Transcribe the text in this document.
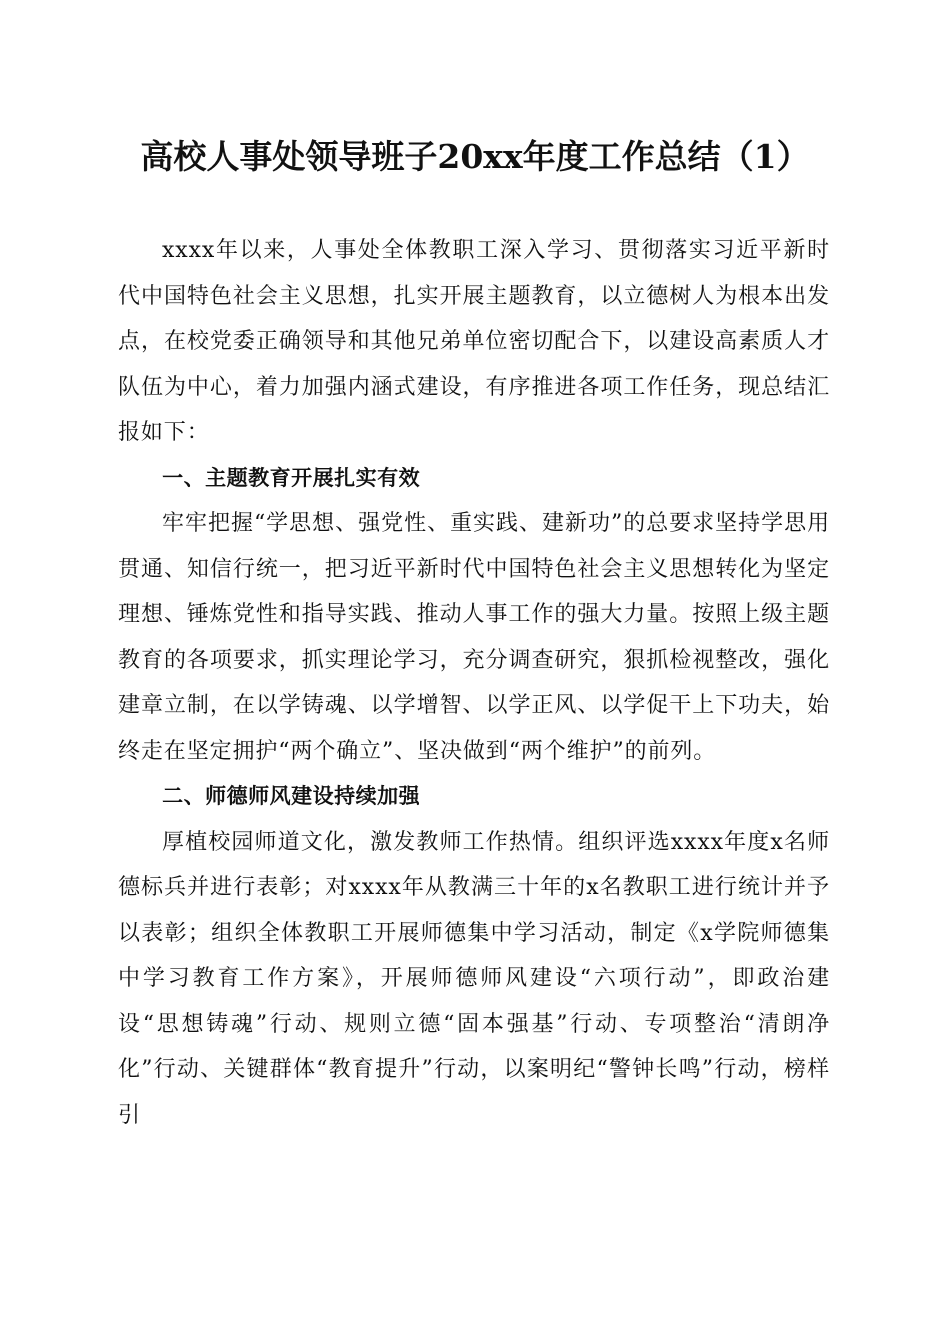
高校人事处领导班子20xx年度工作总结（1）

xxxx年以来，人事处全体教职工深入学习、贯彻落实习近平新时代中国特色社会主义思想，扎实开展主题教育，以立德树人为根本出发点，在校党委正确领导和其他兄弟单位密切配合下，以建设高素质人才队伍为中心，着力加强内涵式建设，有序推进各项工作任务，现总结汇报如下：

一、主题教育开展扎实有效

牢牢把握“学思想、强党性、重实践、建新功”的总要求坚持学思用贯通、知信行统一，把习近平新时代中国特色社会主义思想转化为坚定理想、锤炼党性和指导实践、推动人事工作的强大力量。按照上级主题教育的各项要求，抓实理论学习，充分调查研究，狠抓检视整改，强化建章立制，在以学铸魂、以学增智、以学正风、以学促干上下功夫，始终走在坚定拥护“两个确立”、坚决做到“两个维护”的前列。

二、师德师风建设持续加强

厚植校园师道文化，激发教师工作热情。组织评选xxxx年度x名师德标兵并进行表彰；对xxxx年从教满三十年的x名教职工进行统计并予以表彰；组织全体教职工开展师德集中学习活动，制定《x学院师德集中学习教育工作方案》，开展师德师风建设“六项行动”，即政治建设“思想铸魂”行动、规则立德“固本强基”行动、专项整治“清朗净化”行动、关键群体“教育提升”行动，以案明纪“警钟长鸣”行动，榜样引
